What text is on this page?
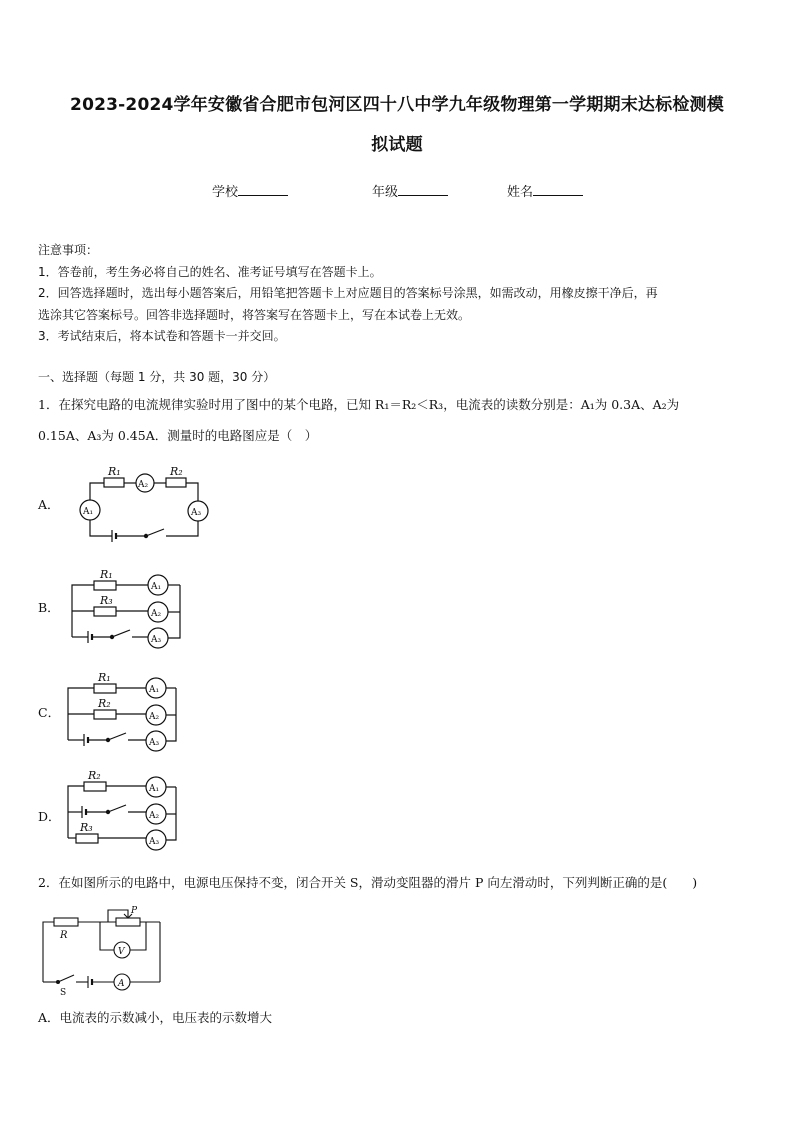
2023-2024学年安徽省合肥市包河区四十八中学九年级物理第一学期期末达标检测模
拟试题
学校	年级	姓名
注意事项：
1．答卷前，考生务必将自己的姓名、准考证号填写在答题卡上。
2．回答选择题时，选出每小题答案后，用铅笔把答题卡上对应题目的答案标号涂黑，如需改动，用橡皮擦干净后，再
选涂其它答案标号。回答非选择题时，将答案写在答题卡上，写在本试卷上无效。
3．考试结束后，将本试卷和答题卡一并交回。
一、选择题（每题 1 分，共 30 题，30 分）
1．在探究电路的电流规律实验时用了图中的某个电路，已知 R₁＝R₂＜R₃，电流表的读数分别是：A₁为 0.3A、A₂为
0.15A、A₃为 0.45A．测量时的电路图应是（　）
A．
B．
C．
D．
R₁	R₂
A₂
A₁	A₃
R₁
R₃
A₁
A₂
A₃
R₁
R₂
A₁
A₂
A₃
R₂
R₃
A₁
A₂
A₃
2．在如图所示的电路中，电源电压保持不变，闭合开关 S，滑动变阻器的滑片 P 向左滑动时，下列判断正确的是(　　)
R
P
V
A
S
A．电流表的示数减小，电压表的示数增大
